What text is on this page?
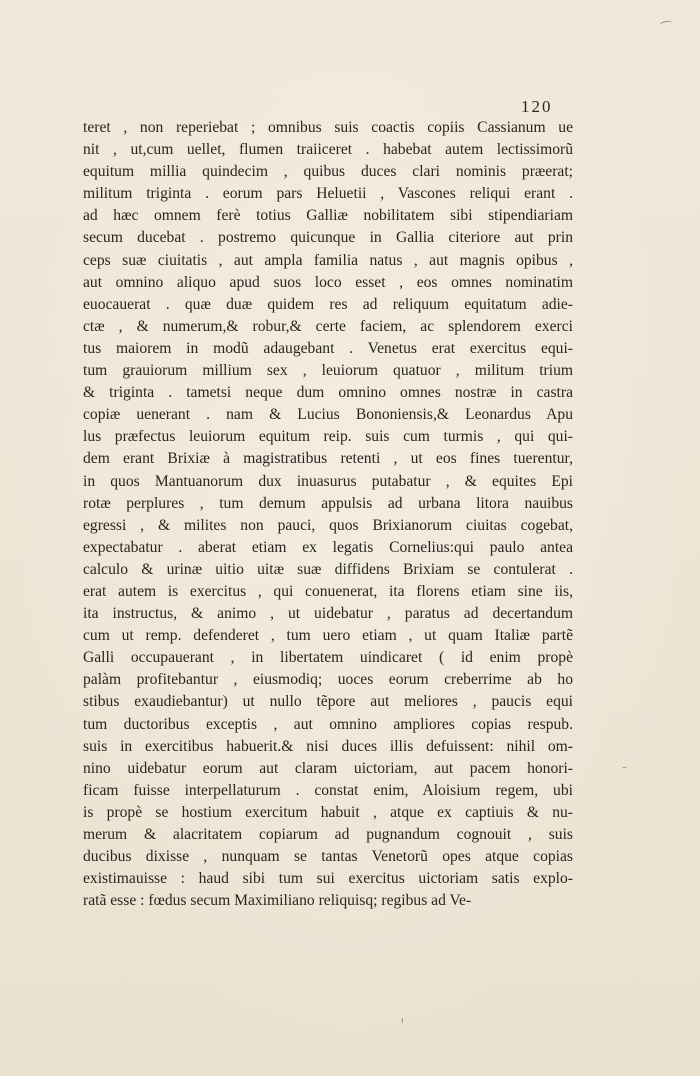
120
teret , non reperiebat ; omnibus suis coactis copiis Cassianum ue
nit , ut,cum uellet, flumen traiiceret . habebat autem lectissimorũ
equitum millia quindecim , quibus duces clari nominis præerat;
militum triginta . eorum pars Heluetii , Vascones reliqui erant .
ad hæc omnem ferè totius Galliæ nobilitatem sibi stipendiariam
secum ducebat . postremo quicunque in Gallia citeriore aut prin
ceps suæ ciuitatis , aut ampla familia natus , aut magnis opibus ,
aut omnino aliquo apud suos loco esset , eos omnes nominatim
euocauerat . quæ duæ quidem res ad reliquum equitatum adie-
ctæ , & numerum,& robur,& certe faciem, ac splendorem exerci
tus maiorem in modũ adaugebant . Venetus erat exercitus equi-
tum grauiorum millium sex , leuiorum quatuor , militum trium
& triginta . tametsi neque dum omnino omnes nostræ in castra
copiæ uenerant . nam & Lucius Bononiensis,& Leonardus Apu
lus præfectus leuiorum equitum reip. suis cum turmis , qui qui-
dem erant Brixiæ à magistratibus retenti , ut eos fines tuerentur,
in quos Mantuanorum dux inuasurus putabatur , & equites Epi
rotæ perplures , tum demum appulsis ad urbana litora nauibus
egressi , & milites non pauci, quos Brixianorum ciuitas cogebat,
expectabatur . aberat etiam ex legatis Cornelius:qui paulo antea
calculo & urinæ uitio uitæ suæ diffidens Brixiam se contulerat .
erat autem is exercitus , qui conuenerat, ita florens etiam sine iis,
ita instructus, & animo , ut uidebatur , paratus ad decertandum
cum ut remp. defenderet , tum uero etiam , ut quam Italiæ partẽ
Galli occupauerant , in libertatem uindicaret ( id enim propè
palàm profitebantur , eiusmodiq; uoces eorum creberrime ab ho
stibus exaudiebantur) ut nullo tẽpore aut meliores , paucis equi
tum ductoribus exceptis , aut omnino ampliores copias respub.
suis in exercitibus habuerit.& nisi duces illis defuissent: nihil om-
nino uidebatur eorum aut claram uictoriam, aut pacem honori-
ficam fuisse interpellaturum . constat enim, Aloisium regem, ubi
is propè se hostium exercitum habuit , atque ex captiuis & nu-
merum & alacritatem copiarum ad pugnandum cognouit , suis
ducibus dixisse , nunquam se tantas Venetorũ opes atque copias
existimauisse : haud sibi tum sui exercitus uictoriam satis explo-
ratã esse : fœdus secum Maximiliano reliquisq; regibus ad Ve-
⌒
–
ı
